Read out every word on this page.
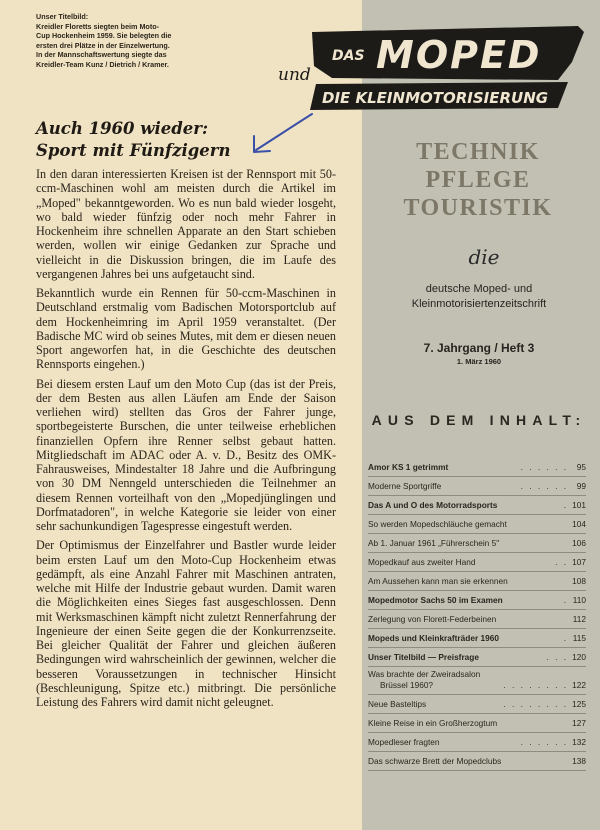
Unser Titelbild:
Kreidler Floretts siegten beim Moto-
Cup Hockenheim 1959. Sie belegten die
ersten drei Plätze in der Einzelwertung.
In der Mannschaftswertung siegte das
Kreidler-Team Kunz / Dietrich / Kramer.
DAS MOPED
und
DIE KLEINMOTORISIERUNG
Auch 1960 wieder:
Sport mit Fünfzigern

In den daran interessierten Kreisen ist der Rennsport mit 50-ccm-Maschinen wohl am meisten durch die Artikel im „Moped" bekanntgeworden. Wo es nun bald wieder losgeht, wo bald wieder fünfzig oder noch mehr Fahrer in Hockenheim ihre schnellen Apparate an den Start schieben werden, wollen wir einige Gedanken zur Sprache und vielleicht in die Diskussion bringen, die im Laufe des vergangenen Jahres bei uns aufgetaucht sind.

Bekanntlich wurde ein Rennen für 50-ccm-Maschinen in Deutschland erstmalig vom Badischen Motorsportclub auf dem Hockenheimring im April 1959 veranstaltet. (Der Badische MC wird ob seines Mutes, mit dem er diesen neuen Sport angeworfen hat, in die Geschichte des deutschen Rennsports eingehen.)

Bei diesem ersten Lauf um den Moto Cup (das ist der Preis, der dem Besten aus allen Läufen am Ende der Saison verliehen wird) stellten das Gros der Fahrer junge, sportbegeisterte Burschen, die unter teilweise erheblichen finanziellen Opfern ihre Renner selbst gebaut hatten. Mitgliedschaft im ADAC oder A. v. D., Besitz des OMK-Fahrausweises, Mindestalter 18 Jahre und die Aufbringung von 30 DM Nenngeld unterschieden die Teilnehmer an diesem Rennen vorteilhaft von den „Mopedjünglingen und Dorfmatadoren", in welche Kategorie sie leider von einer sehr sachunkundigen Tagespresse eingestuft werden.

Der Optimismus der Einzelfahrer und Bastler wurde leider beim ersten Lauf um den Moto-Cup Hockenheim etwas gedämpft, als eine Anzahl Fahrer mit Maschinen antraten, welche mit Hilfe der Industrie gebaut wurden. Damit waren die Möglichkeiten eines Sieges fast ausgeschlossen. Denn mit Werksmaschinen kämpft nicht zuletzt Rennerfahrung der Ingenieure der einen Seite gegen die der Konkurrenzseite. Bei gleicher Qualität der Fahrer und gleichen äußeren Bedingungen wird wahrscheinlich der gewinnen, welcher die besseren Voraussetzungen in technischer Hinsicht (Beschleunigung, Spitze etc.) mitbringt. Die persönliche Leistung des Fahrers wird damit nicht geleugnet.

TECHNIK
PFLEGE
TOURISTIK
die
deutsche Moped- und
Kleinmotorisiertenzeitschrift
7. Jahrgang / Heft 3
1. März 1960
AUS DEM INHALT:
Amor KS 1 getrimmt	. . . . . .	95
Moderne Sportgriffe	. . . . . .	99
Das A und O des Motorradsports	. 101
So werden Mopedschläuche gemacht	104
Ab 1. Januar 1961 „Führerschein 5"	106
Mopedkauf aus zweiter Hand	. . 107
Am Aussehen kann man sie erkennen	108
Mopedmotor Sachs 50 im Examen	. 110
Zerlegung von Florett-Federbeinen	112
Mopeds und Kleinkrafträder 1960	. 115
Unser Titelbild — Preisfrage	. . . 120
Was brachte der Zweiradsalon
Brüssel 1960?	. . . . . . . . 122
Neue Basteltips	. . . . . . . . 125
Kleine Reise in ein Großherzogtum	127
Mopedleser fragten	. . . . . . 132
Das schwarze Brett der Mopedclubs	138
